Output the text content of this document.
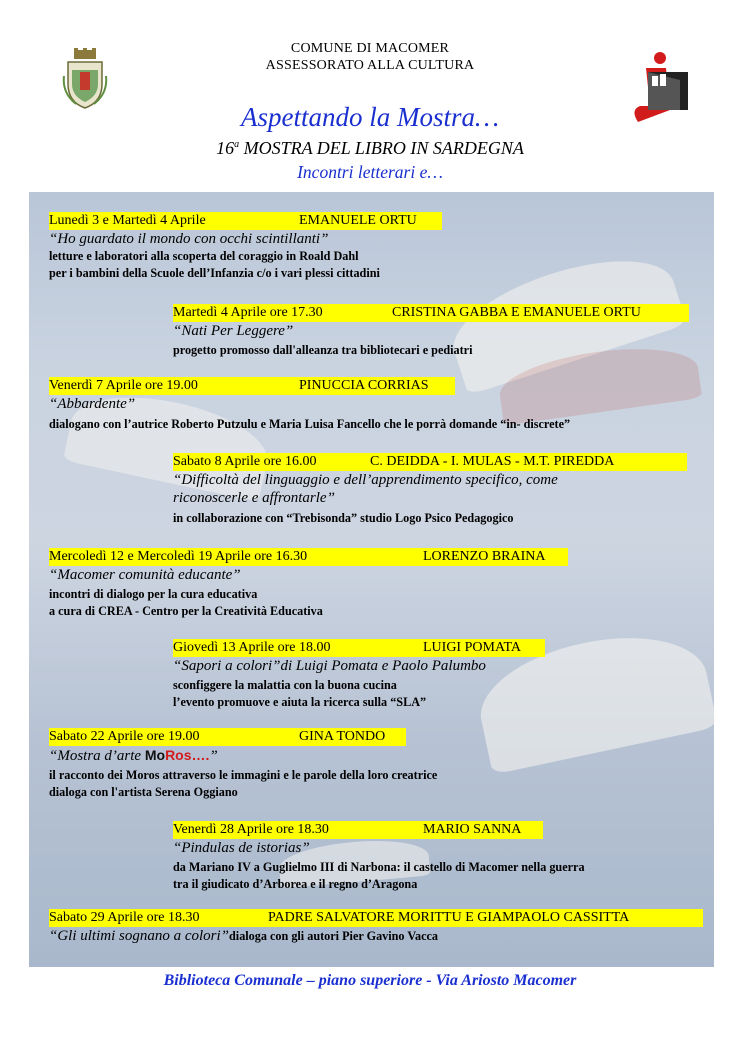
COMUNE DI MACOMER
ASSESSORATO ALLA CULTURA
Aspettando la Mostra…
16$^a$ MOSTRA DEL LIBRO IN SARDEGNA
Incontri letterari e…
Lunedì 3 e Martedì 4 Aprile	EMANUELE ORTU
“Ho guardato il mondo con occhi scintillanti”
letture e laboratori alla scoperta del coraggio in Roald Dahl
per i bambini della Scuole dell’Infanzia c/o i vari plessi cittadini
Martedì 4 Aprile ore 17.30	CRISTINA GABBA E EMANUELE ORTU
“Nati Per Leggere”
progetto promosso dall'alleanza tra bibliotecari e pediatri
Venerdì 7 Aprile ore 19.00	PINUCCIA CORRIAS
“Abbardente”
dialogano con l’autrice Roberto Putzulu e Maria Luisa Fancello che le porrà domande “in- discrete”
Sabato 8 Aprile ore 16.00	C. DEIDDA - I. MULAS - M.T. PIREDDA
“Difficoltà del linguaggio e dell’apprendimento specifico, come
riconoscerle e affrontarle”
in collaborazione con “Trebisonda” studio Logo Psico Pedagogico
Mercoledì 12 e Mercoledì 19 Aprile ore 16.30	LORENZO BRAINA
“Macomer comunità educante”
incontri di dialogo per la cura educativa
a cura di CREA - Centro per la Creatività Educativa
Giovedì 13 Aprile ore 18.00	LUIGI POMATA
“Sapori a colori”di Luigi Pomata e Paolo Palumbo
sconfiggere la malattia con la buona cucina
l’evento promuove e aiuta la ricerca sulla “SLA”
Sabato 22 Aprile ore 19.00	GINA TONDO
“Mostra d’arte MoRos….”
il racconto dei Moros attraverso le immagini e le parole della loro creatrice
dialoga con l'artista Serena Oggiano
Venerdì 28 Aprile ore 18.30	MARIO SANNA
“Pindulas de istorias”
da Mariano IV a Guglielmo III di Narbona: il castello di Macomer nella guerra
tra il giudicato d’Arborea e il regno d’Aragona
Sabato 29 Aprile ore 18.30	PADRE SALVATORE MORITTU E GIAMPAOLO CASSITTA
“Gli ultimi sognano a colori”dialoga con gli autori Pier Gavino Vacca
Biblioteca Comunale – piano superiore - Via Ariosto Macomer
